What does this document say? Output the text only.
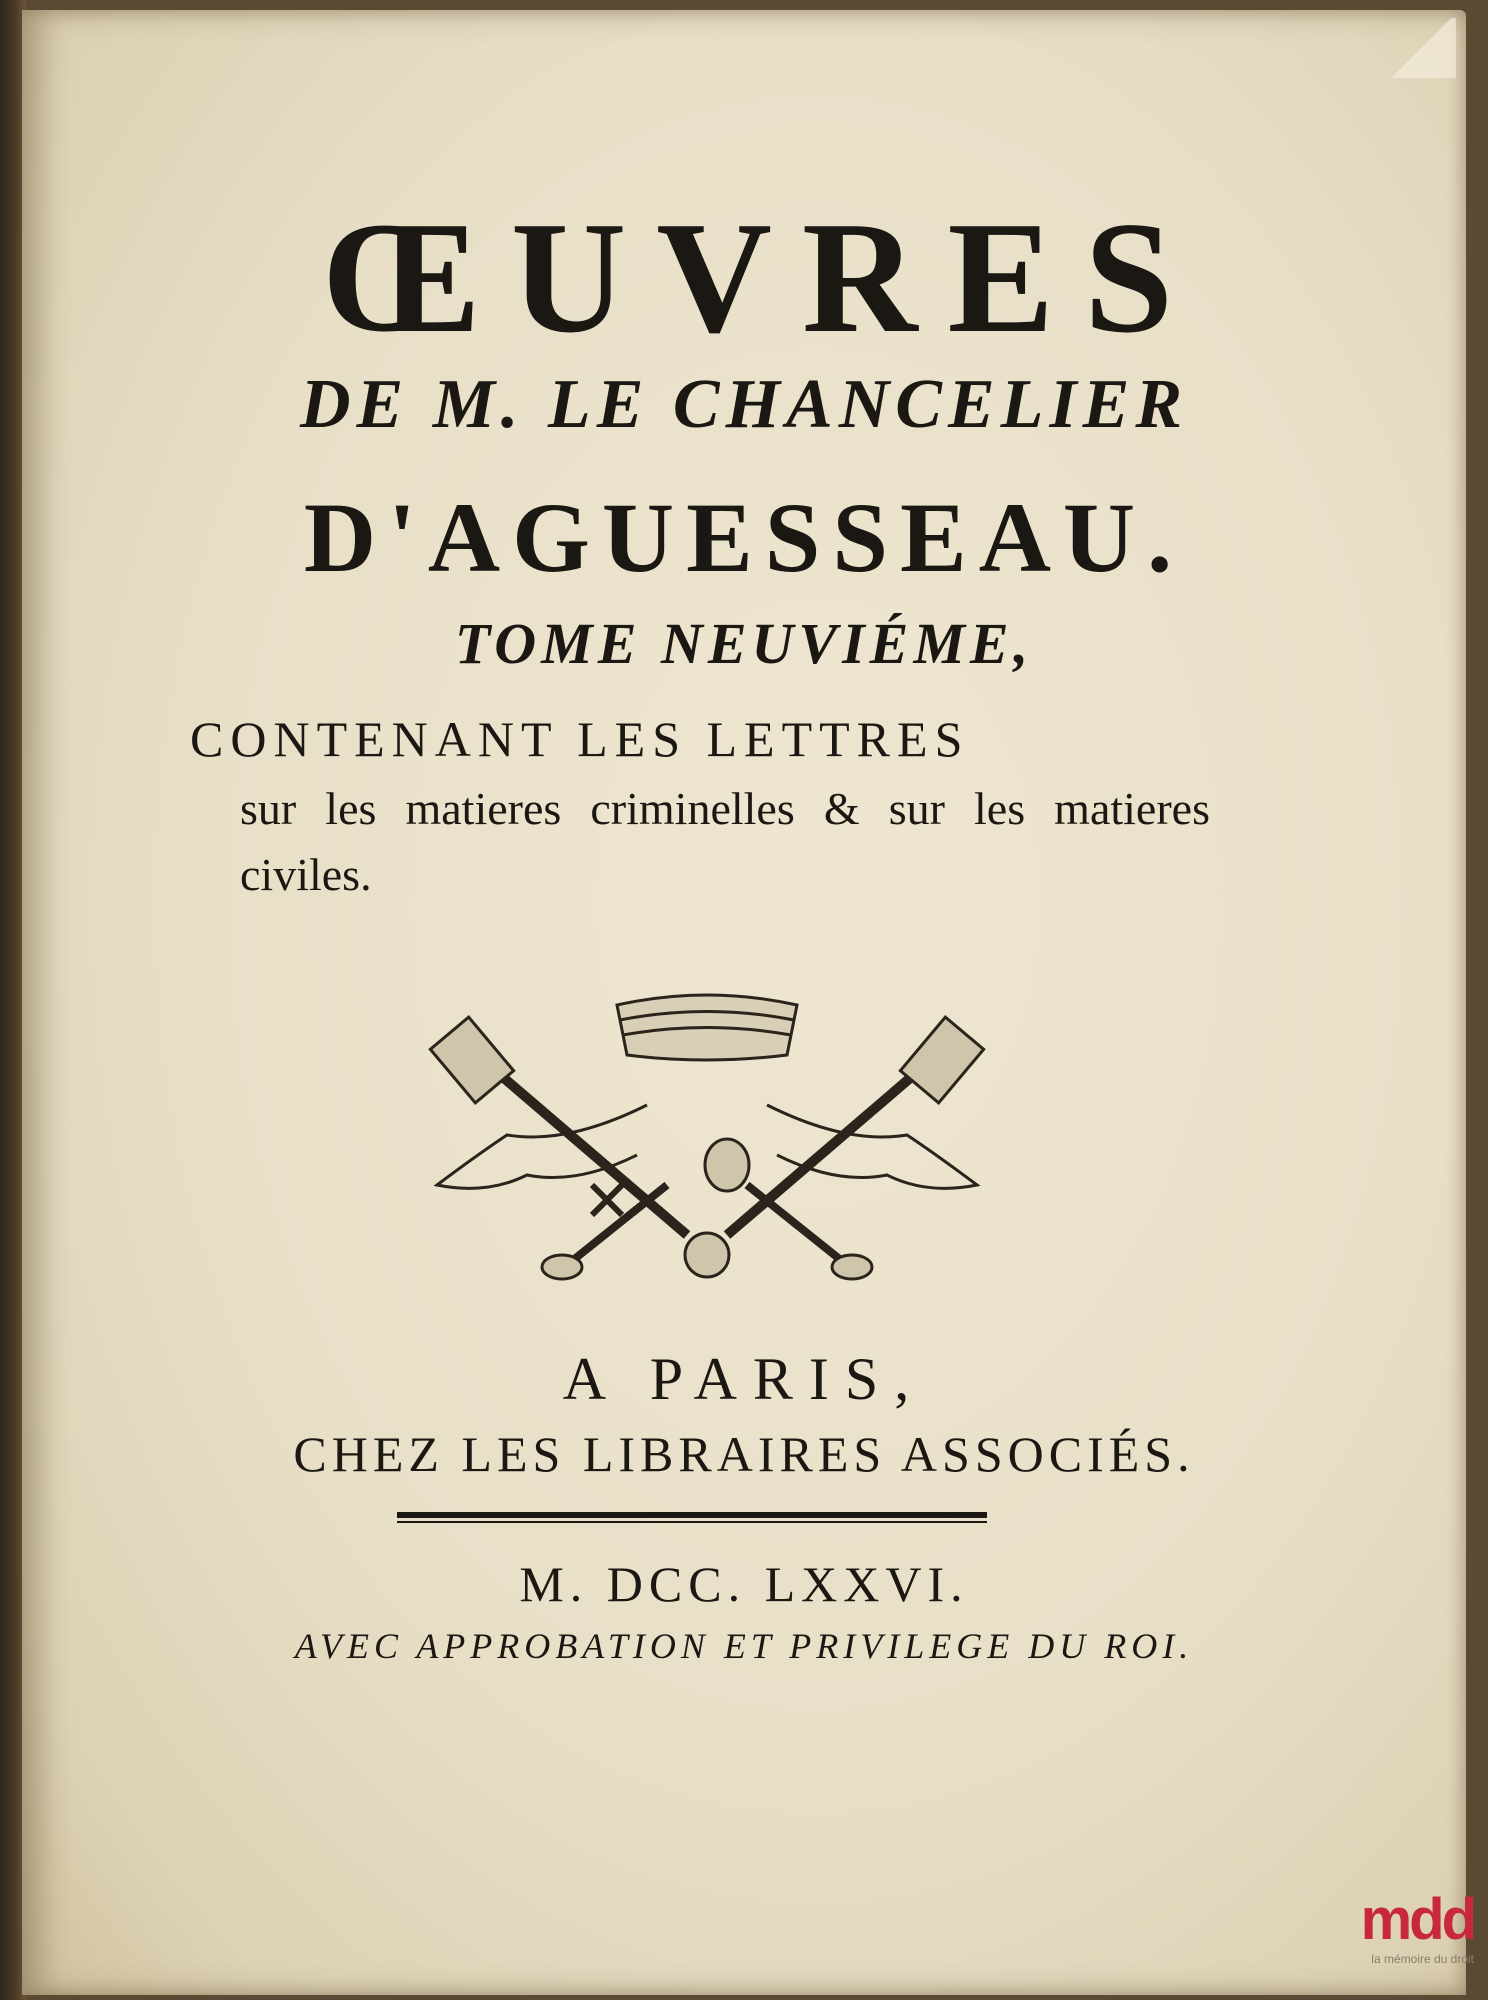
ŒUVRES
DE M. LE CHANCELIER
D'AGUESSEAU.
TOME NEUVIÉME,
CONTENANT LES LETTRES
sur les matieres criminelles & sur les matieres civiles.
A PARIS,
CHEZ LES LIBRAIRES ASSOCIÉS.
M. DCC. LXXVI.
AVEC APPROBATION ET PRIVILEGE DU ROI.
mdd
la mémoire du droit
